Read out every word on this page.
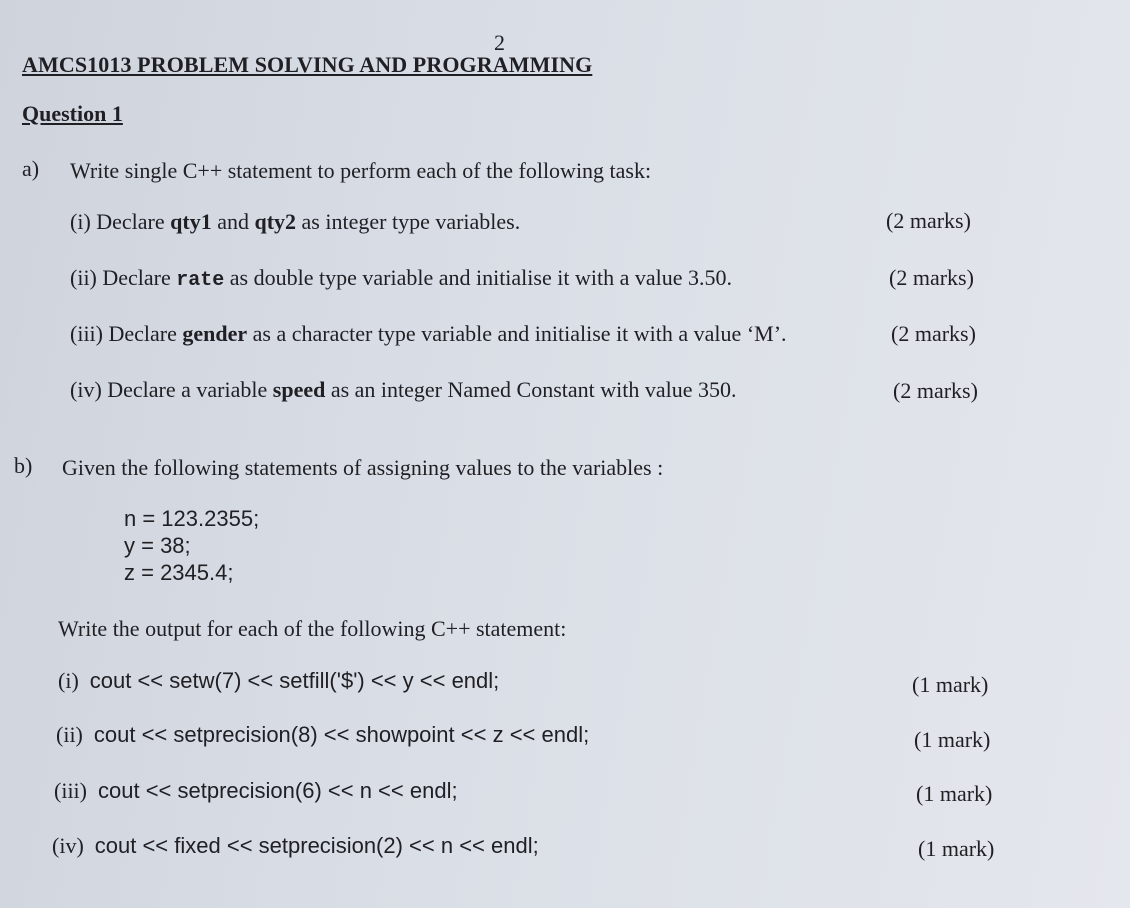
2
AMCS1013 PROBLEM SOLVING AND PROGRAMMING
Question 1
a) Write single C++ statement to perform each of the following task:
(i) Declare qty1 and qty2 as integer type variables.	(2 marks)
(ii) Declare rate as double type variable and initialise it with a value 3.50.	(2 marks)
(iii) Declare gender as a character type variable and initialise it with a value ‘M’.	(2 marks)
(iv) Declare a variable speed as an integer Named Constant with value 350.	(2 marks)
b) Given the following statements of assigning values to the variables :
n = 123.2355;
y = 38;
z = 2345.4;
Write the output for each of the following C++ statement:
(i) cout << setw(7) << setfill('$') << y << endl;	(1 mark)
(ii) cout << setprecision(8) << showpoint << z << endl;	(1 mark)
(iii) cout << setprecision(6) << n << endl;	(1 mark)
(iv) cout << fixed << setprecision(2) << n << endl;	(1 mark)
